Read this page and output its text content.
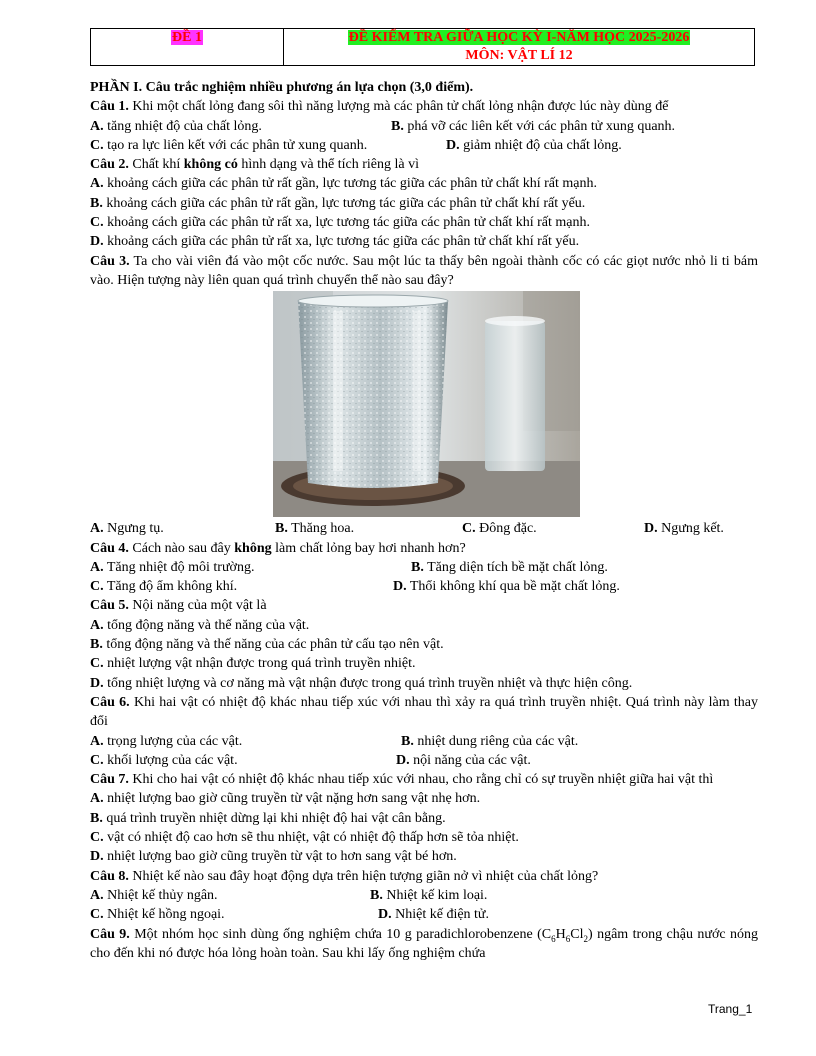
ĐỀ 1	ĐỀ KIỂM TRA GIỮA HỌC KỲ I-NĂM HỌC 2025-2026
MÔN: VẬT LÍ 12

PHẦN I. Câu trắc nghiệm nhiều phương án lựa chọn (3,0 điểm).

Câu 1. Khi một chất lỏng đang sôi thì năng lượng mà các phân tử chất lỏng nhận được lúc này dùng để

A. tăng nhiệt độ của chất lỏng.	B. phá vỡ các liên kết với các phân tử xung quanh.
C. tạo ra lực liên kết với các phân tử xung quanh.	D. giảm nhiệt độ của chất lỏng.

Câu 2. Chất khí không có hình dạng và thể tích riêng là vì

A. khoảng cách giữa các phân tử rất gần, lực tương tác giữa các phân tử chất khí rất mạnh.

B. khoảng cách giữa các phân tử rất gần, lực tương tác giữa các phân tử chất khí rất yếu.

C. khoảng cách giữa các phân tử rất xa, lực tương tác giữa các phân tử chất khí rất mạnh.

D. khoảng cách giữa các phân tử rất xa, lực tương tác giữa các phân tử chất khí rất yếu.

Câu 3. Ta cho vài viên đá vào một cốc nước. Sau một lúc ta thấy bên ngoài thành cốc có các giọt nước nhỏ li ti bám vào. Hiện tượng này liên quan quá trình chuyển thể nào sau đây?

A. Ngưng tụ.	B. Thăng hoa.	C. Đông đặc.	D. Ngưng kết.

Câu 4. Cách nào sau đây không làm chất lỏng bay hơi nhanh hơn?

A. Tăng nhiệt độ môi trường.	B. Tăng diện tích bề mặt chất lỏng.
C. Tăng độ ẩm không khí.	D. Thổi không khí qua bề mặt chất lỏng.

Câu 5. Nội năng của một vật là

A. tổng động năng và thế năng của vật.

B. tổng động năng và thế năng của các phân tử cấu tạo nên vật.

C. nhiệt lượng vật nhận được trong quá trình truyền nhiệt.

D. tổng nhiệt lượng và cơ năng mà vật nhận được trong quá trình truyền nhiệt và thực hiện công.

Câu 6. Khi hai vật có nhiệt độ khác nhau tiếp xúc với nhau thì xảy ra quá trình truyền nhiệt. Quá trình này làm thay đổi

A. trọng lượng của các vật.	B. nhiệt dung riêng của các vật.
C. khối lượng của các vật.	D. nội năng của các vật.

Câu 7. Khi cho hai vật có nhiệt độ khác nhau tiếp xúc với nhau, cho rằng chỉ có sự truyền nhiệt giữa hai vật thì

A. nhiệt lượng bao giờ cũng truyền từ vật nặng hơn sang vật nhẹ hơn.

B. quá trình truyền nhiệt dừng lại khi nhiệt độ hai vật cân bằng.

C. vật có nhiệt độ cao hơn sẽ thu nhiệt, vật có nhiệt độ thấp hơn sẽ tỏa nhiệt.

D. nhiệt lượng bao giờ cũng truyền từ vật to hơn sang vật bé hơn.

Câu 8. Nhiệt kế nào sau đây hoạt động dựa trên hiện tượng giãn nở vì nhiệt của chất lỏng?

A. Nhiệt kế thủy ngân.	B. Nhiệt kế kim loại.
C. Nhiệt kế hồng ngoại.	D. Nhiệt kế điện tử.

Câu 9. Một nhóm học sinh dùng ống nghiệm chứa 10 g paradichlorobenzene $(C_6H_6Cl_2)$ ngâm trong chậu nước nóng cho đến khi nó được hóa lỏng hoàn toàn. Sau khi lấy ống nghiệm chứa

Trang_1
